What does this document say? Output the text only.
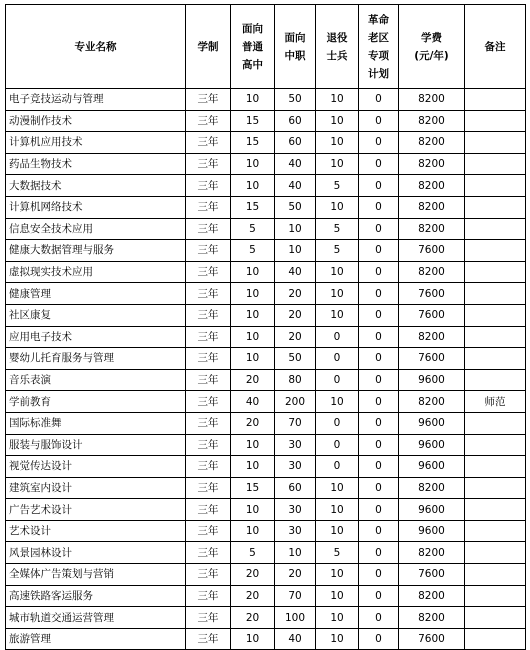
专业名称	学制	面向
普通
高中	面向
中职	退役
士兵	革命
老区
专项
计划	学费
(元/年)	备注

电子竞技运动与管理	三年	10	50	10	0	8200	
动漫制作技术	三年	15	60	10	0	8200	
计算机应用技术	三年	15	60	10	0	8200	
药品生物技术	三年	10	40	10	0	8200	
大数据技术	三年	10	40	5	0	8200	
计算机网络技术	三年	15	50	10	0	8200	
信息安全技术应用	三年	5	10	5	0	8200	
健康大数据管理与服务	三年	5	10	5	0	7600	
虚拟现实技术应用	三年	10	40	10	0	8200	
健康管理	三年	10	20	10	0	7600	
社区康复	三年	10	20	10	0	7600	
应用电子技术	三年	10	20	0	0	8200	
婴幼儿托育服务与管理	三年	10	50	0	0	7600	
音乐表演	三年	20	80	0	0	9600	
学前教育	三年	40	200	10	0	8200	师范
国际标准舞	三年	20	70	0	0	9600	
服装与服饰设计	三年	10	30	0	0	9600	
视觉传达设计	三年	10	30	0	0	9600	
建筑室内设计	三年	15	60	10	0	8200	
广告艺术设计	三年	10	30	10	0	9600	
艺术设计	三年	10	30	10	0	9600	
风景园林设计	三年	5	10	5	0	8200	
全媒体广告策划与营销	三年	20	20	10	0	7600	
高速铁路客运服务	三年	20	70	10	0	8200	
城市轨道交通运营管理	三年	20	100	10	0	8200	
旅游管理	三年	10	40	10	0	7600	
